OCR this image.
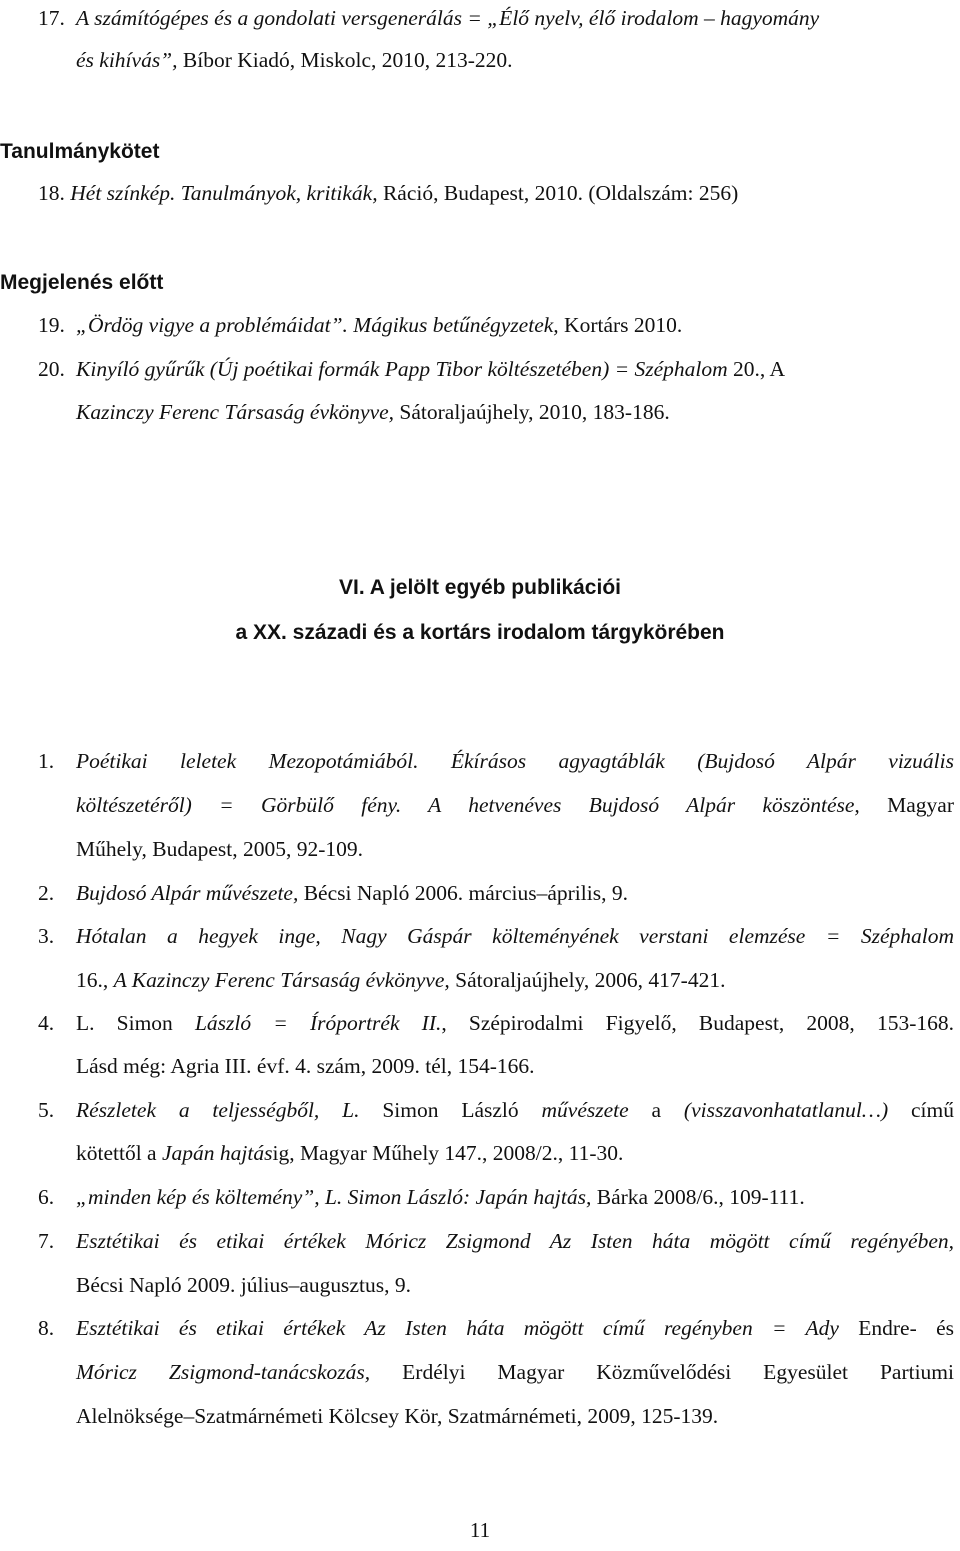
17. A számítógépes és a gondolati versgenerálás = „Élő nyelv, élő irodalom – hagyomány
és kihívás”, Bíbor Kiadó, Miskolc, 2010, 213-220.
Tanulmánykötet
18. Hét színkép. Tanulmányok, kritikák, Ráció, Budapest, 2010. (Oldalszám: 256)
Megjelenés előtt
19. „Ördög vigye a problémáidat”. Mágikus betűnégyzetek, Kortárs 2010.
20. Kinyíló gyűrűk (Új poétikai formák Papp Tibor költészetében) = Széphalom 20., A
Kazinczy Ferenc Társaság évkönyve, Sátoraljaújhely, 2010, 183-186.
VI. A jelölt egyéb publikációi
a XX. századi és a kortárs irodalom tárgykörében
1. Poétikai leletek Mezopotámiából. Ékírásos agyagtáblák (Bujdosó Alpár vizuális
költészetéről) = Görbülő fény. A hetvenéves Bujdosó Alpár köszöntése, Magyar
Műhely, Budapest, 2005, 92-109.
2. Bujdosó Alpár művészete, Bécsi Napló 2006. március–április, 9.
3. Hótalan a hegyek inge, Nagy Gáspár költeményének verstani elemzése = Széphalom
16., A Kazinczy Ferenc Társaság évkönyve, Sátoraljaújhely, 2006, 417-421.
4. L. Simon László = Íróportrék II., Szépirodalmi Figyelő, Budapest, 2008, 153-168.
Lásd még: Agria III. évf. 4. szám, 2009. tél, 154-166.
5. Részletek a teljességből, L. Simon László művészete a (visszavonhatatlanul…) című
kötettől a Japán hajtásig, Magyar Műhely 147., 2008/2., 11-30.
6. „minden kép és költemény”, L. Simon László: Japán hajtás, Bárka 2008/6., 109-111.
7. Esztétikai és etikai értékek Móricz Zsigmond Az Isten háta mögött című regényében,
Bécsi Napló 2009. július–augusztus, 9.
8. Esztétikai és etikai értékek Az Isten háta mögött című regényben = Ady Endre- és
Móricz Zsigmond-tanácskozás, Erdélyi Magyar Közművelődési Egyesület Partiumi
Alelnöksége–Szatmárnémeti Kölcsey Kör, Szatmárnémeti, 2009, 125-139.
11
